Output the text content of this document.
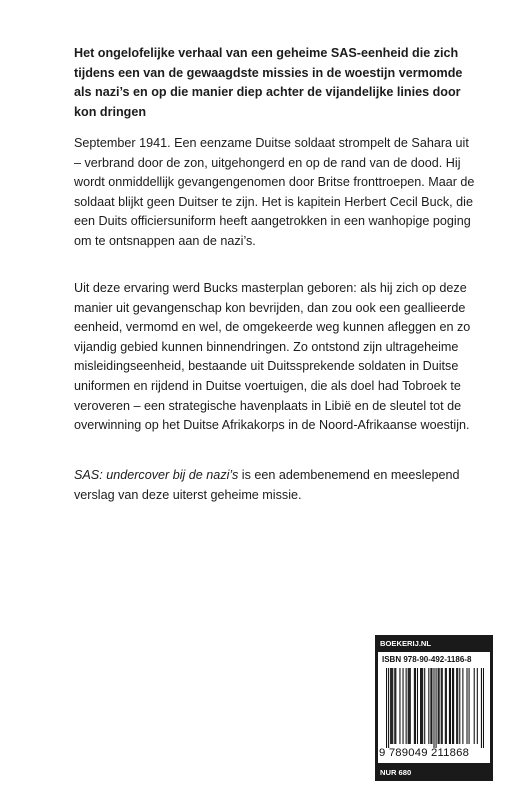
Het ongelofelijke verhaal van een geheime SAS-eenheid die zich tijdens een van de gewaagdste missies in de woestijn vermomde als nazi’s en op die manier diep achter de vijandelijke linies door kon dringen

September 1941. Een eenzame Duitse soldaat strompelt de Sahara uit – verbrand door de zon, uitgehongerd en op de rand van de dood. Hij wordt onmiddellijk gevangengenomen door Britse fronttroepen. Maar de soldaat blijkt geen Duitser te zijn. Het is kapitein Herbert Cecil Buck, die een Duits officiersuniform heeft aangetrokken in een wanhopige poging om te ontsnappen aan de nazi’s.

Uit deze ervaring werd Bucks masterplan geboren: als hij zich op deze manier uit gevangenschap kon bevrijden, dan zou ook een geallieerde eenheid, vermomd en wel, de omgekeerde weg kunnen afleggen en zo vijandig gebied kunnen binnendringen. Zo ontstond zijn ultrageheime misleidingseenheid, bestaande uit Duitssprekende soldaten in Duitse uniformen en rijdend in Duitse voertuigen, die als doel had Tobroek te veroveren – een strategische havenplaats in Libië en de sleutel tot de overwinning op het Duitse Afrikakorps in de Noord-Afrikaanse woestijn.

SAS: undercover bij de nazi’s is een adembenemend en meeslepend verslag van deze uiterst geheime missie.

BOEKERIJ.NL
ISBN 978-90-492-1186-8
9 789049 211868
NUR 680
